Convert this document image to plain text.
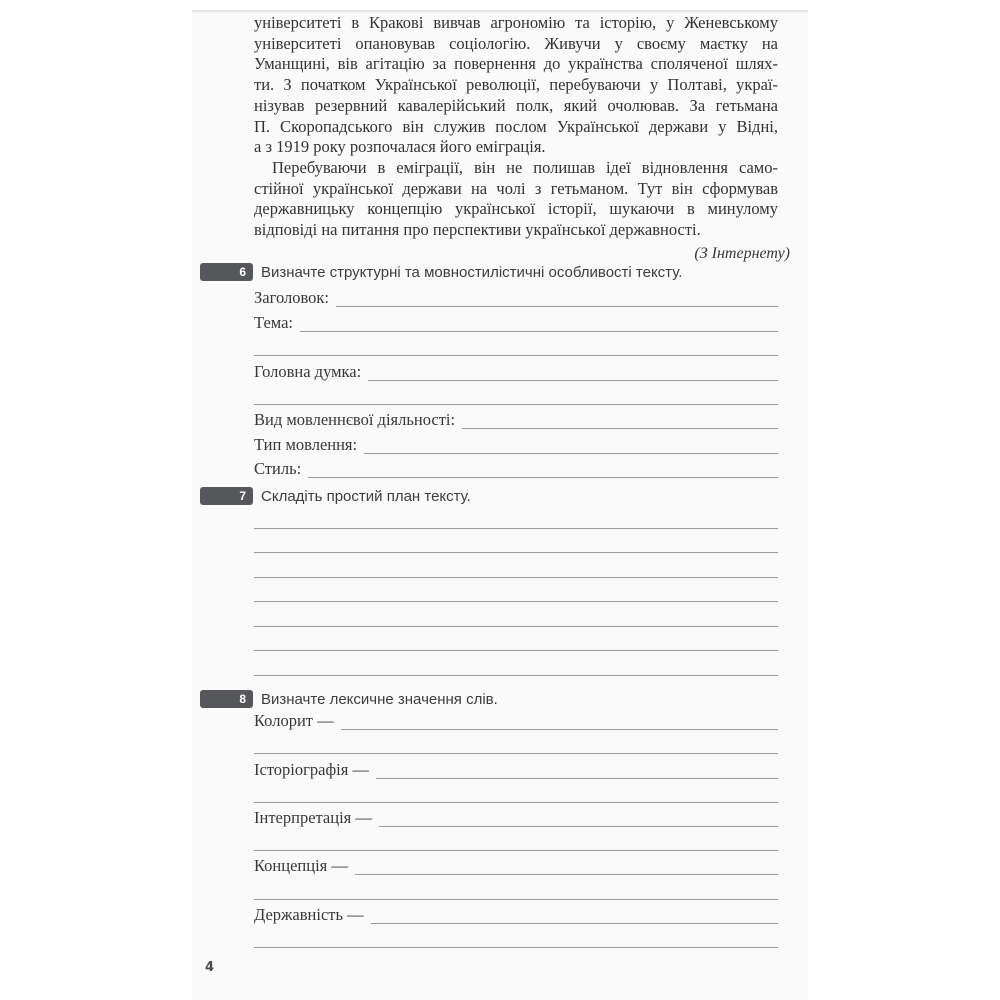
університеті в Кракові вивчав агрономію та історію, у Женевському
університеті опановував соціологію. Живучи у своєму маєтку на
Уманщині, вів агітацію за повернення до українства споляченої шлях-
ти. З початком Української революції, перебуваючи у Полтаві, украї-
нізував резервний кавалерійський полк, який очолював. За гетьмана
П. Скоропадського він служив послом Української держави у Відні,
а з 1919 року розпочалася його еміграція.
Перебуваючи в еміграції, він не полишав ідеї відновлення само-
стійної української держави на чолі з гетьманом. Тут він сформував
державницьку концепцію української історії, шукаючи в минулому
відповіді на питання про перспективи української державності.
(З Інтернету)
6	Визначте структурні та мовностилістичні особливості тексту.
Заголовок:
Тема:
Головна думка:
Вид мовленнєвої діяльності:
Тип мовлення:
Стиль:
7	Складіть простий план тексту.
8	Визначте лексичне значення слів.
Колорит —
Історіографія —
Інтерпретація —
Концепція —
Державність —
4
